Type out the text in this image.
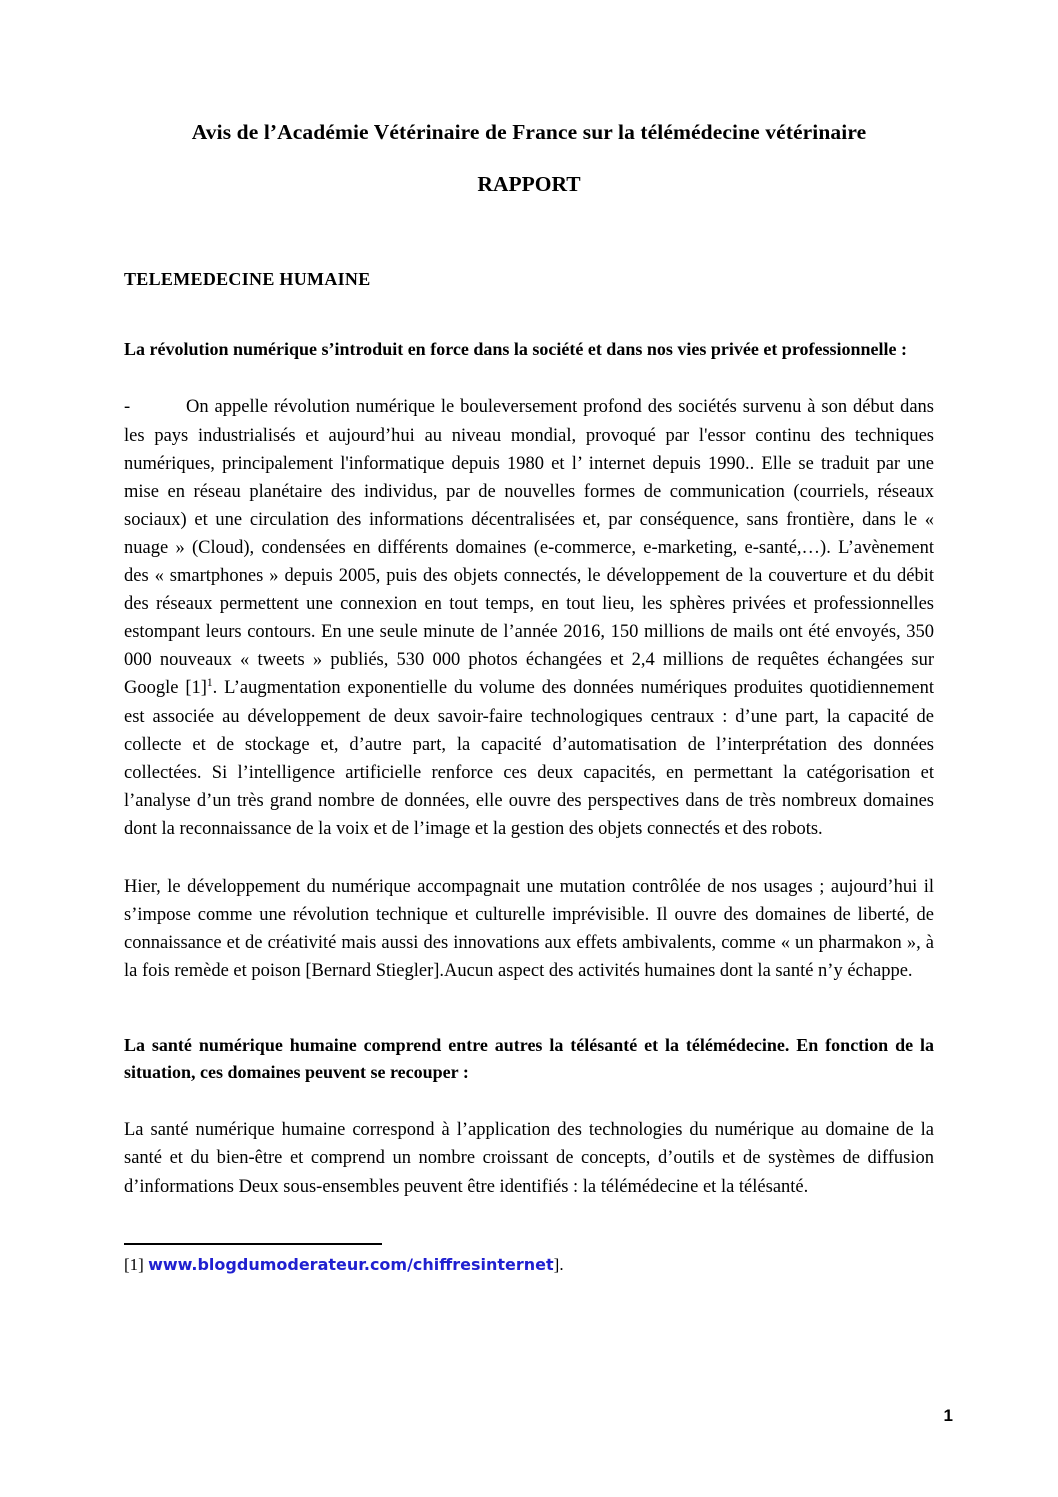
Avis de l’Académie Vétérinaire de France sur la télémédecine vétérinaire
RAPPORT
TELEMEDECINE HUMAINE

La révolution numérique s’introduit en force dans la société et dans nos vies privée et professionnelle :

-	On appelle révolution numérique le bouleversement profond des sociétés survenu à son début dans les pays industrialisés et aujourd’hui au niveau mondial, provoqué par l'essor continu des techniques numériques, principalement l'informatique depuis 1980 et l’ internet depuis 1990.. Elle se traduit par une mise en réseau planétaire des individus, par de nouvelles formes de communication (courriels, réseaux sociaux) et une circulation des informations décentralisées et, par conséquence, sans frontière, dans le « nuage » (Cloud), condensées en différents domaines (e-commerce, e-marketing, e-santé,…). L’avènement des « smartphones » depuis 2005, puis des objets connectés, le développement de la couverture et du débit des réseaux permettent une connexion en tout temps, en tout lieu, les sphères privées et professionnelles estompant leurs contours. En une seule minute de l’année 2016, 150 millions de mails ont été envoyés, 350 000 nouveaux « tweets » publiés, 530 000 photos échangées et 2,4 millions de requêtes échangées sur Google [1]$^1$. L’augmentation exponentielle du volume des données numériques produites quotidiennement est associée au développement de deux savoir-faire technologiques centraux : d’une part, la capacité de collecte et de stockage et, d’autre part, la capacité d’automatisation de l’interprétation des données collectées. Si l’intelligence artificielle renforce ces deux capacités, en permettant la catégorisation et l’analyse d’un très grand nombre de données, elle ouvre des perspectives dans de très nombreux domaines dont la reconnaissance de la voix et de l’image et la gestion des objets connectés et des robots.

Hier, le développement du numérique accompagnait une mutation contrôlée de nos usages ; aujourd’hui il s’impose comme une révolution technique et culturelle imprévisible. Il ouvre des domaines de liberté, de connaissance et de créativité mais aussi des innovations aux effets ambivalents, comme « un pharmakon », à la fois remède et poison [Bernard Stiegler].Aucun aspect des activités humaines dont la santé n’y échappe.

La santé numérique humaine comprend entre autres la télésanté et la télémédecine. En fonction de la situation, ces domaines peuvent se recouper :

La santé numérique humaine correspond à l’application des technologies du numérique au domaine de la santé et du bien-être et comprend un nombre croissant de concepts, d’outils et de systèmes de diffusion d’informations Deux sous-ensembles peuvent être identifiés : la télémédecine et la télésanté.

[1] www.blogdumoderateur.com/chiffresinternet].

1
